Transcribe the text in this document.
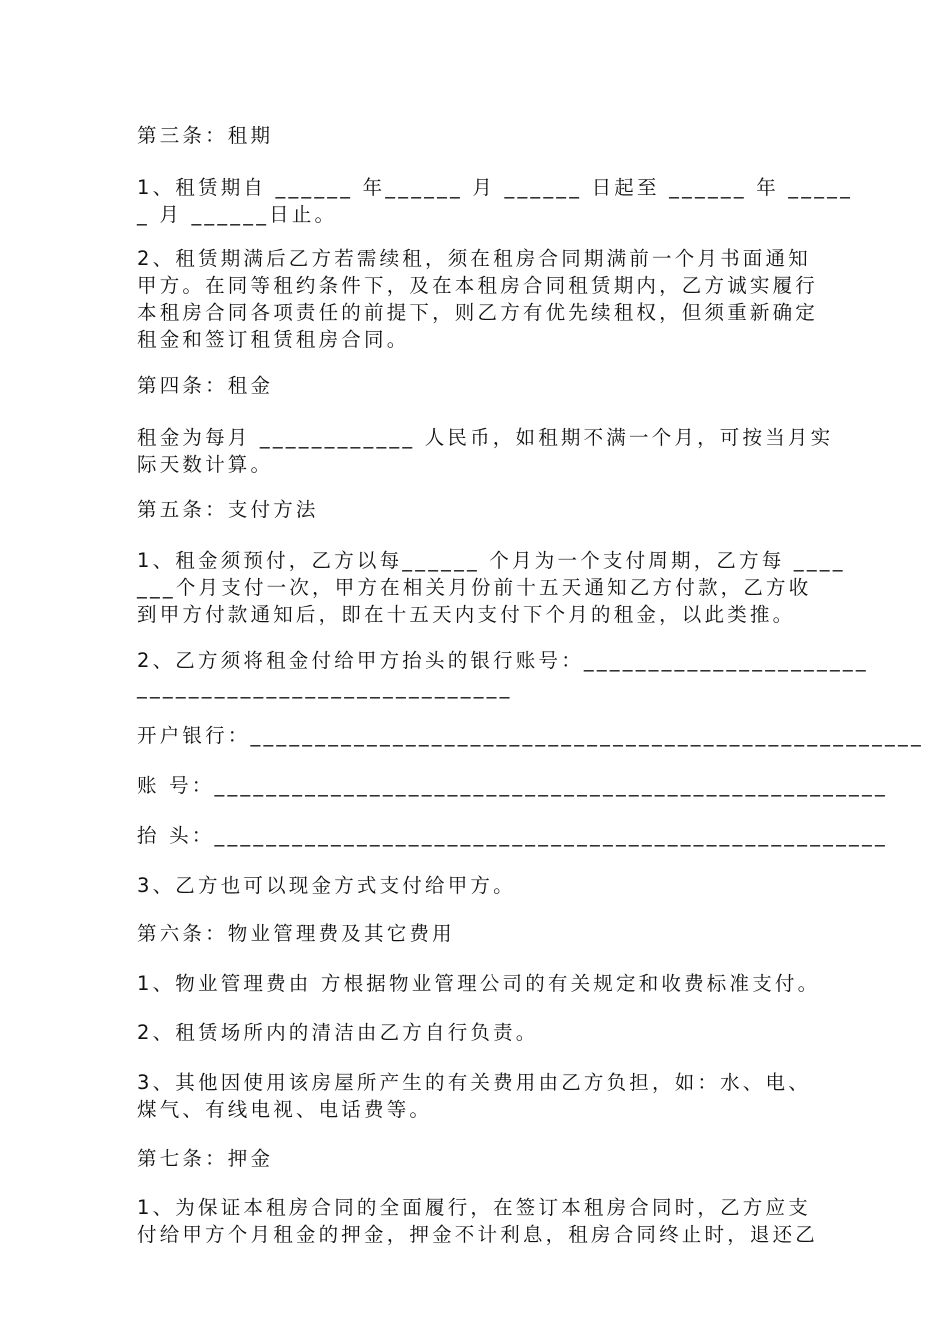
第三条：租期

1、租赁期自 ______ 年______ 月 ______ 日起至 ______ 年 _____

_ 月 ______日止。

2、租赁期满后乙方若需续租，须在租房合同期满前一个月书面通知

甲方。在同等租约条件下，及在本租房合同租赁期内，乙方诚实履行

本租房合同各项责任的前提下，则乙方有优先续租权，但须重新确定

租金和签订租赁租房合同。

第四条：租金

租金为每月 ____________ 人民币，如租期不满一个月，可按当月实

际天数计算。

第五条：支付方法

1、租金须预付，乙方以每______ 个月为一个支付周期，乙方每 ____

___个月支付一次，甲方在相关月份前十五天通知乙方付款，乙方收

到甲方付款通知后，即在十五天内支付下个月的租金，以此类推。

2、乙方须将租金付给甲方抬头的银行账号：______________________

_____________________________

开户银行：____________________________________________________

账 号：____________________________________________________

抬 头：____________________________________________________

3、乙方也可以现金方式支付给甲方。

第六条：物业管理费及其它费用

1、物业管理费由 方根据物业管理公司的有关规定和收费标准支付。

2、租赁场所内的清洁由乙方自行负责。

3、其他因使用该房屋所产生的有关费用由乙方负担，如：水、电、

煤气、有线电视、电话费等。

第七条：押金

1、为保证本租房合同的全面履行，在签订本租房合同时，乙方应支

付给甲方个月租金的押金，押金不计利息，租房合同终止时，退还乙
